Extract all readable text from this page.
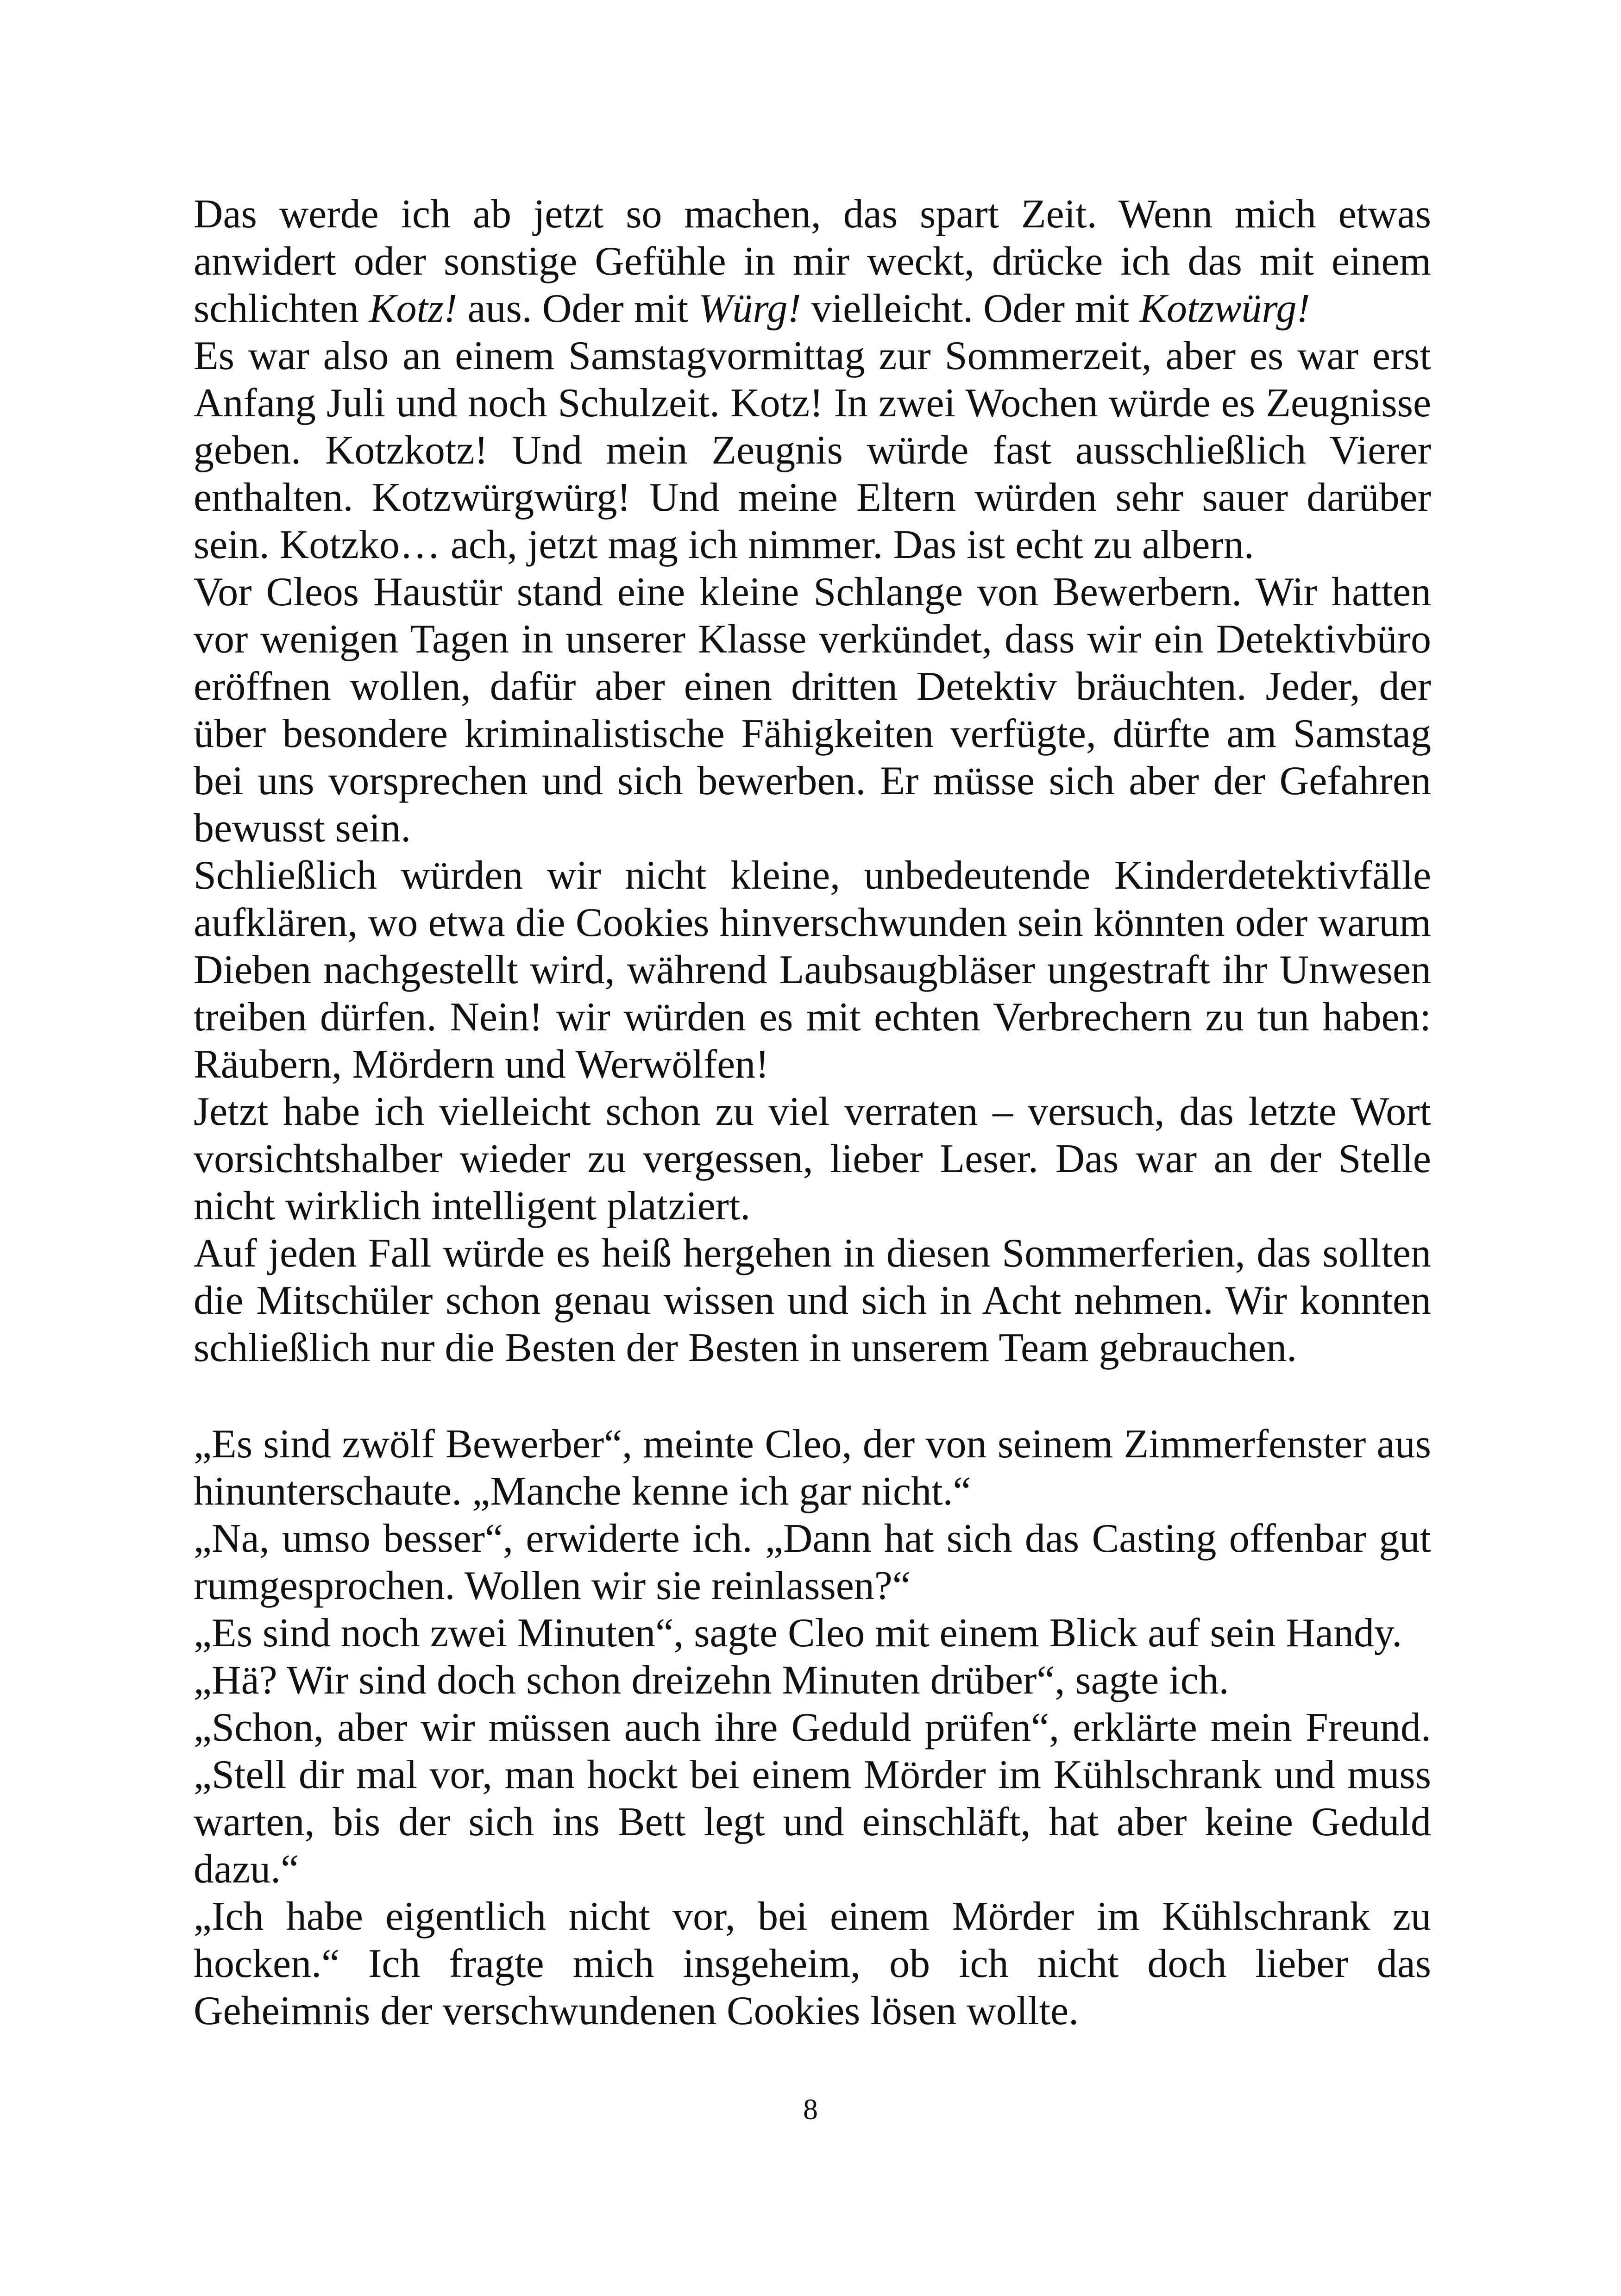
Das werde ich ab jetzt so machen, das spart Zeit. Wenn mich etwas anwidert oder sonstige Gefühle in mir weckt, drücke ich das mit einem schlichten Kotz! aus. Oder mit Würg! vielleicht. Oder mit Kotzwürg!

Es war also an einem Samstagvormittag zur Sommerzeit, aber es war erst Anfang Juli und noch Schulzeit. Kotz! In zwei Wochen würde es Zeugnisse geben. Kotzkotz! Und mein Zeugnis würde fast ausschließlich Vierer enthalten. Kotzwürgwürg! Und meine Eltern würden sehr sauer darüber sein. Kotzko… ach, jetzt mag ich nimmer. Das ist echt zu albern.

Vor Cleos Haustür stand eine kleine Schlange von Bewerbern. Wir hatten vor wenigen Tagen in unserer Klasse verkündet, dass wir ein Detektivbüro eröffnen wollen, dafür aber einen dritten Detektiv bräuchten. Jeder, der über besondere kriminalistische Fähigkeiten verfügte, dürfte am Samstag bei uns vorsprechen und sich bewerben. Er müsse sich aber der Gefahren bewusst sein.

Schließlich würden wir nicht kleine, unbedeutende Kinderdetektivfälle aufklären, wo etwa die Cookies hinverschwunden sein könnten oder warum Dieben nachgestellt wird, während Laubsaugbläser ungestraft ihr Unwesen treiben dürfen. Nein! wir würden es mit echten Verbrechern zu tun haben: Räubern, Mördern und Werwölfen!

Jetzt habe ich vielleicht schon zu viel verraten – versuch, das letzte Wort vorsichtshalber wieder zu vergessen, lieber Leser. Das war an der Stelle nicht wirklich intelligent platziert.

Auf jeden Fall würde es heiß hergehen in diesen Sommerferien, das sollten die Mitschüler schon genau wissen und sich in Acht nehmen. Wir konnten schließlich nur die Besten der Besten in unserem Team gebrauchen.

„Es sind zwölf Bewerber“, meinte Cleo, der von seinem Zimmerfenster aus hinunterschaute. „Manche kenne ich gar nicht.“

„Na, umso besser“, erwiderte ich. „Dann hat sich das Casting offenbar gut rumgesprochen. Wollen wir sie reinlassen?“

„Es sind noch zwei Minuten“, sagte Cleo mit einem Blick auf sein Handy.

„Hä? Wir sind doch schon dreizehn Minuten drüber“, sagte ich.

„Schon, aber wir müssen auch ihre Geduld prüfen“, erklärte mein Freund. „Stell dir mal vor, man hockt bei einem Mörder im Kühlschrank und muss warten, bis der sich ins Bett legt und einschläft, hat aber keine Geduld dazu.“

„Ich habe eigentlich nicht vor, bei einem Mörder im Kühlschrank zu hocken.“ Ich fragte mich insgeheim, ob ich nicht doch lieber das Geheimnis der verschwundenen Cookies lösen wollte.

8
